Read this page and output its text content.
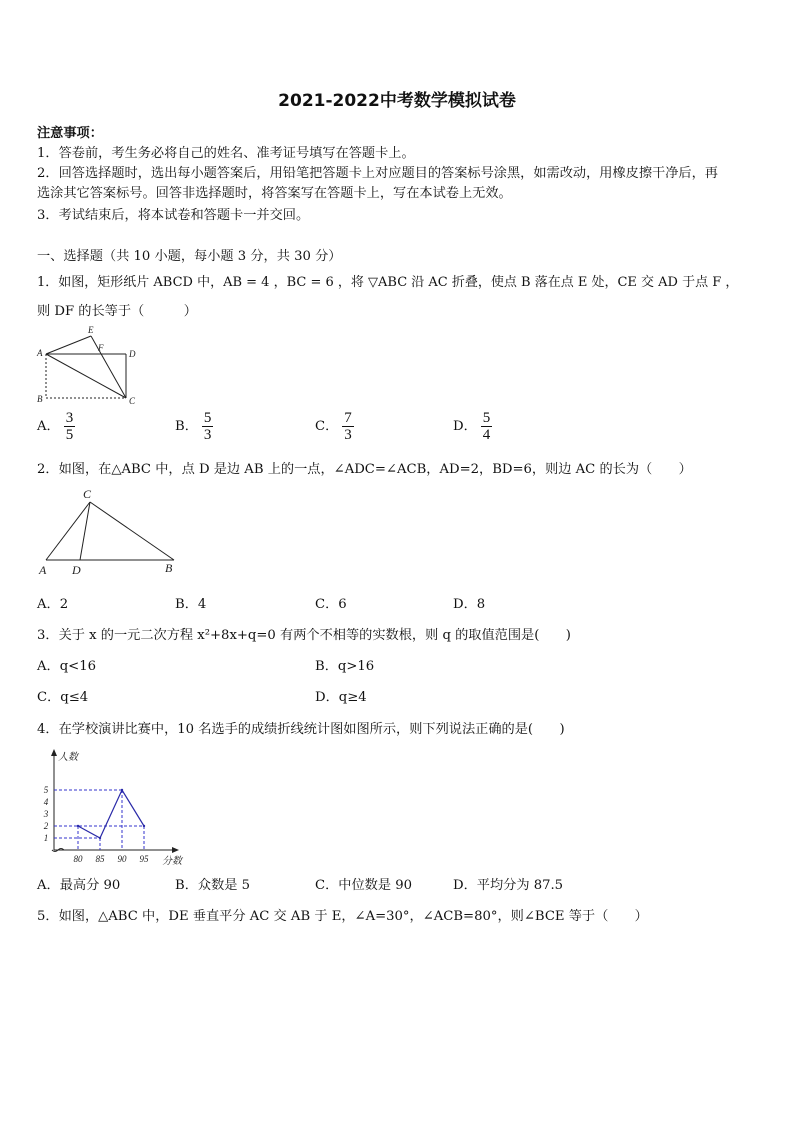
2021-2022中考数学模拟试卷
注意事项：
1．答卷前，考生务必将自己的姓名、准考证号填写在答题卡上。
2．回答选择题时，选出每小题答案后，用铅笔把答题卡上对应题目的答案标号涂黑，如需改动，用橡皮擦干净后，再
选涂其它答案标号。回答非选择题时，将答案写在答题卡上，写在本试卷上无效。
3．考试结束后，将本试卷和答题卡一并交回。
一、选择题（共 10 小题，每小题 3 分，共 30 分）
1．如图，矩形纸片 ABCD 中，AB = 4 ，BC = 6 ，将 ▽ABC 沿 AC 折叠，使点 B 落在点 E 处，CE 交 AD 于点 F ，
则 DF 的长等于（　　　）
A
B	C
D
E
F
A． $\frac{3}{5}$	B． $\frac{5}{3}$	C． $\frac{7}{3}$	D． $\frac{5}{4}$
2．如图，在△ABC 中，点 D 是边 AB 上的一点，∠ADC=∠ACB，AD=2，BD=6，则边 AC 的长为（　　）
A D	B
C
A．2	B．4	C．6	D．8
3．关于 x 的一元二次方程 x²+8x+q=0 有两个不相等的实数根，则 q 的取值范围是(　　)
A．q<16	B．q>16
C．q≤4	D．q≥4
4．在学校演讲比赛中，10 名选手的成绩折线统计图如图所示，则下列说法正确的是(　　)
人数
分数
1
2
3
4
5
80 85 90 95
A．最高分 90	B．众数是 5	C．中位数是 90	D．平均分为 87.5
5．如图，△ABC 中，DE 垂直平分 AC 交 AB 于 E，∠A=30°，∠ACB=80°，则∠BCE 等于（　　）
